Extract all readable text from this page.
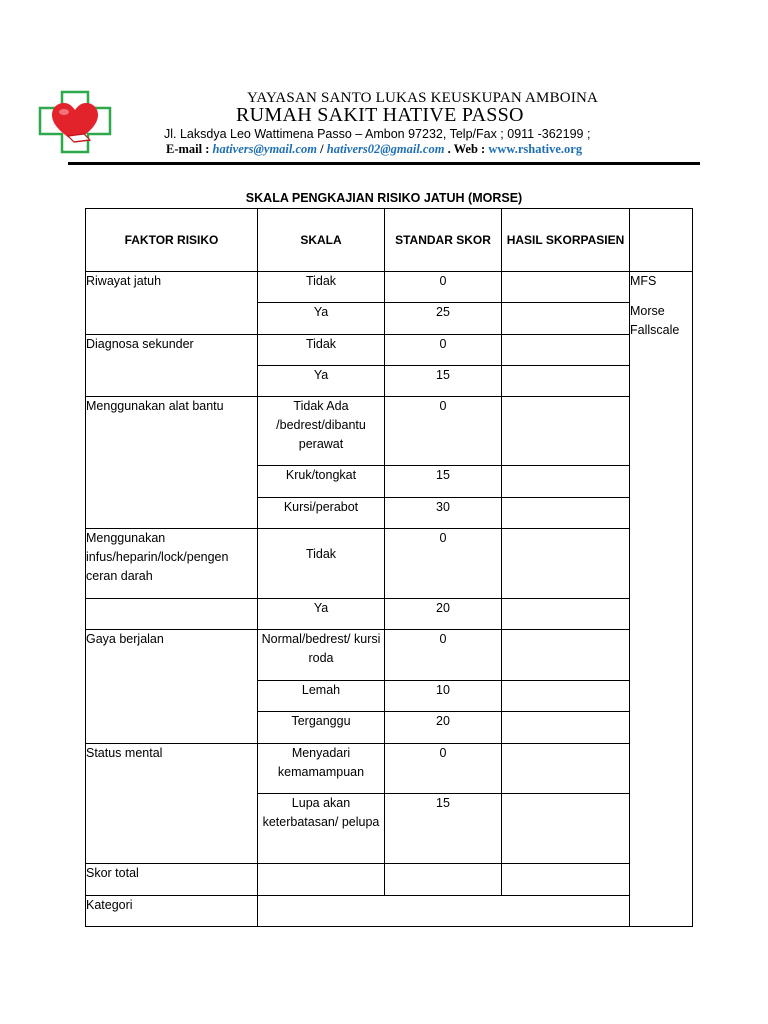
YAYASAN SANTO LUKAS KEUSKUPAN AMBOINA
RUMAH SAKIT HATIVE PASSO
Jl. Laksdya Leo Wattimena Passo – Ambon 97232, Telp/Fax ; 0911 -362199 ;
E-mail : hativers@ymail.com / hativers02@gmail.com . Web : www.rshative.org
SKALA PENGKAJIAN RISIKO JATUH (MORSE)
FAKTOR RISIKO	SKALA	STANDAR SKOR	HASIL SKORPASIEN	
Riwayat jatuh	Tidak	0		MFS
Morse Fallscale

	Ya	25		
Diagnosa sekunder	Tidak	0		
	Ya	15		
Menggunakan alat bantu	Tidak Ada /bedrest/dibantu perawat	0		
	Kruk/tongkat	15		
	Kursi/perabot	30		
Menggunakan infus/heparin/lock/pengen ceran darah	Tidak	0		
	Ya	20		
Gaya berjalan	Normal/bedrest/ kursi roda	0		
	Lemah	10		
	Terganggu	20		
Status mental	Menyadari kemamampuan	0		
	Lupa akan keterbatasan/ pelupa	15		
Skor total				
Kategori				
